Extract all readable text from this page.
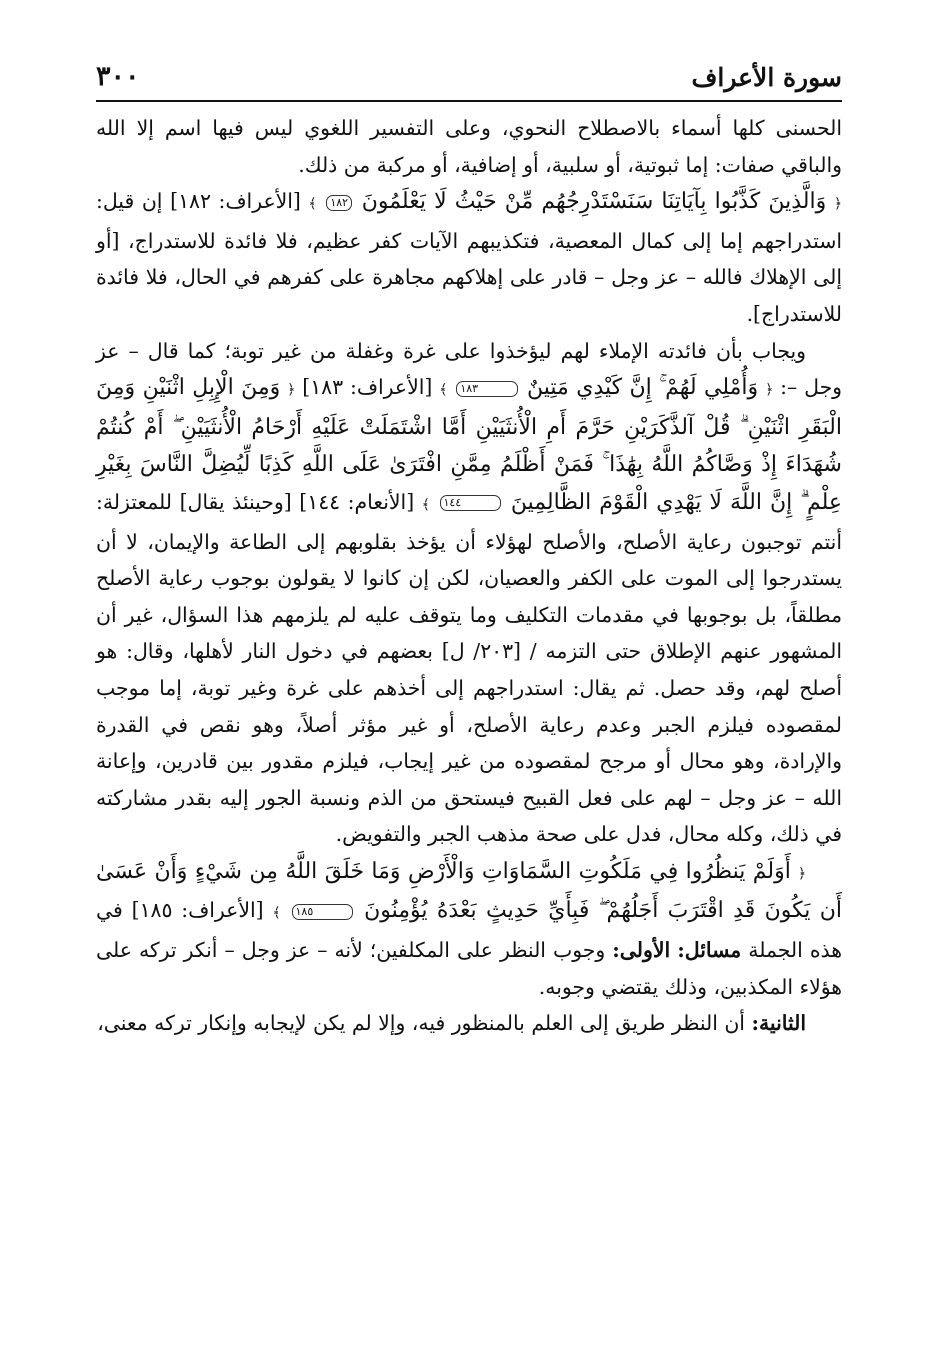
سورة الأعراف
٣٠٠

الحسنى كلها أسماء بالاصطلاح النحوي، وعلى التفسير اللغوي ليس فيها اسم إلا الله والباقي صفات: إما ثبوتية، أو سلبية، أو إضافية، أو مركبة من ذلك.

﴿ وَالَّذِينَ كَذَّبُوا بِآيَاتِنَا سَنَسْتَدْرِجُهُم مِّنْ حَيْثُ لَا يَعْلَمُونَ ١٨٢ ﴾ [الأعراف: ١٨٢] إن قيل: استدراجهم إما إلى كمال المعصية، فتكذيبهم الآيات كفر عظيم، فلا فائدة للاستدراج، [أو إلى الإهلاك فالله – عز وجل – قادر على إهلاكهم مجاهرة على كفرهم في الحال، فلا فائدة للاستدراج].

ويجاب بأن فائدته الإملاء لهم ليؤخذوا على غرة وغفلة من غير توبة؛ كما قال – عز وجل –: ﴿ وَأُمْلِي لَهُمْ ۚ إِنَّ كَيْدِي مَتِينٌ ١٨٣ ﴾ [الأعراف: ١٨٣] ﴿ وَمِنَ الْإِبِلِ اثْنَيْنِ وَمِنَ الْبَقَرِ اثْنَيْنِ ۗ قُلْ آلذَّكَرَيْنِ حَرَّمَ أَمِ الْأُنثَيَيْنِ أَمَّا اشْتَمَلَتْ عَلَيْهِ أَرْحَامُ الْأُنثَيَيْنِ ۖ أَمْ كُنتُمْ شُهَدَاءَ إِذْ وَصَّاكُمُ اللَّهُ بِهَٰذَا ۚ فَمَنْ أَظْلَمُ مِمَّنِ افْتَرَىٰ عَلَى اللَّهِ كَذِبًا لِّيُضِلَّ النَّاسَ بِغَيْرِ عِلْمٍ ۗ إِنَّ اللَّهَ لَا يَهْدِي الْقَوْمَ الظَّالِمِينَ ١٤٤ ﴾ [الأنعام: ١٤٤] [وحينئذ يقال] للمعتزلة: أنتم توجبون رعاية الأصلح، والأصلح لهؤلاء أن يؤخذ بقلوبهم إلى الطاعة والإيمان، لا أن يستدرجوا إلى الموت على الكفر والعصيان، لكن إن كانوا لا يقولون بوجوب رعاية الأصلح مطلقاً، بل بوجوبها في مقدمات التكليف وما يتوقف عليه لم يلزمهم هذا السؤال، غير أن المشهور عنهم الإطلاق حتى التزمه / [٢٠٣/ ل] بعضهم في دخول النار لأهلها، وقال: هو أصلح لهم، وقد حصل. ثم يقال: استدراجهم إلى أخذهم على غرة وغير توبة، إما موجب لمقصوده فيلزم الجبر وعدم رعاية الأصلح، أو غير مؤثر أصلاً، وهو نقص في القدرة والإرادة، وهو محال أو مرجح لمقصوده من غير إيجاب، فيلزم مقدور بين قادرين، وإعانة الله – عز وجل – لهم على فعل القبيح فيستحق من الذم ونسبة الجور إليه بقدر مشاركته في ذلك، وكله محال، فدل على صحة مذهب الجبر والتفويض.

﴿ أَوَلَمْ يَنظُرُوا فِي مَلَكُوتِ السَّمَاوَاتِ وَالْأَرْضِ وَمَا خَلَقَ اللَّهُ مِن شَيْءٍ وَأَنْ عَسَىٰ أَن يَكُونَ قَدِ اقْتَرَبَ أَجَلُهُمْ ۖ فَبِأَيِّ حَدِيثٍ بَعْدَهُ يُؤْمِنُونَ ١٨٥ ﴾ [الأعراف: ١٨٥] في هذه الجملة مسائل: الأولى: وجوب النظر على المكلفين؛ لأنه – عز وجل – أنكر تركه على هؤلاء المكذبين، وذلك يقتضي وجوبه.

الثانية: أن النظر طريق إلى العلم بالمنظور فيه، وإلا لم يكن لإيجابه وإنكار تركه معنى،
